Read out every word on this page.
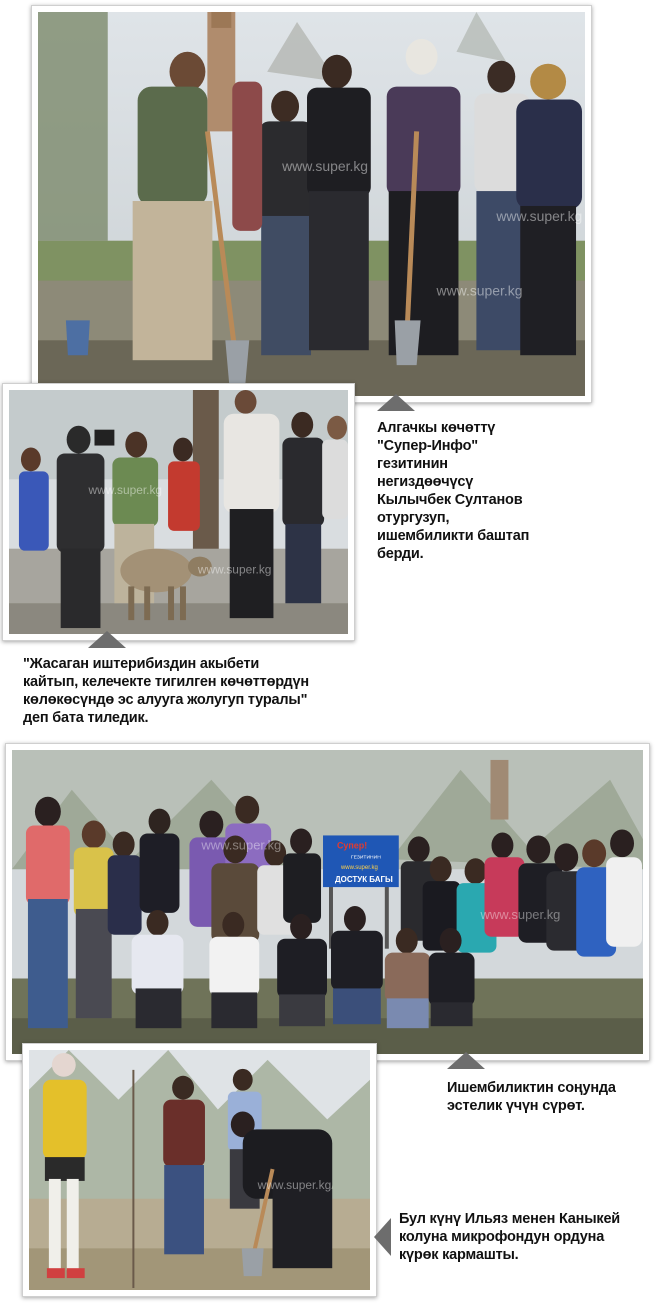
www.super.kg
www.super.kg
www.super.kg
www.super.kg
www.super.kg
Алгачкы көчөттү
"Супер-Инфо"
гезитинин
негиздөөчүсү
Кылычбек Султанов
отургузуп,
ишембиликти баштап
берди.
"Жасаган иштерибиздин акыбети
кайтып, келечекте тигилген көчөттөрдүн
көлөкөсүндө эс алууга жолугуп туралы"
деп бата тиледик.
Супер!
ГЕЗИТИНИН
www.super.kg
ДОСТУК БАГЫ
www.super.kg
www.super.kg
Ишембиликтин соңунда
эстелик үчүн сүрөт.
www.super.kg
Бул күнү Ильяз менен Каныкей
колуна микрофондун ордуна
күрөк кармашты.
